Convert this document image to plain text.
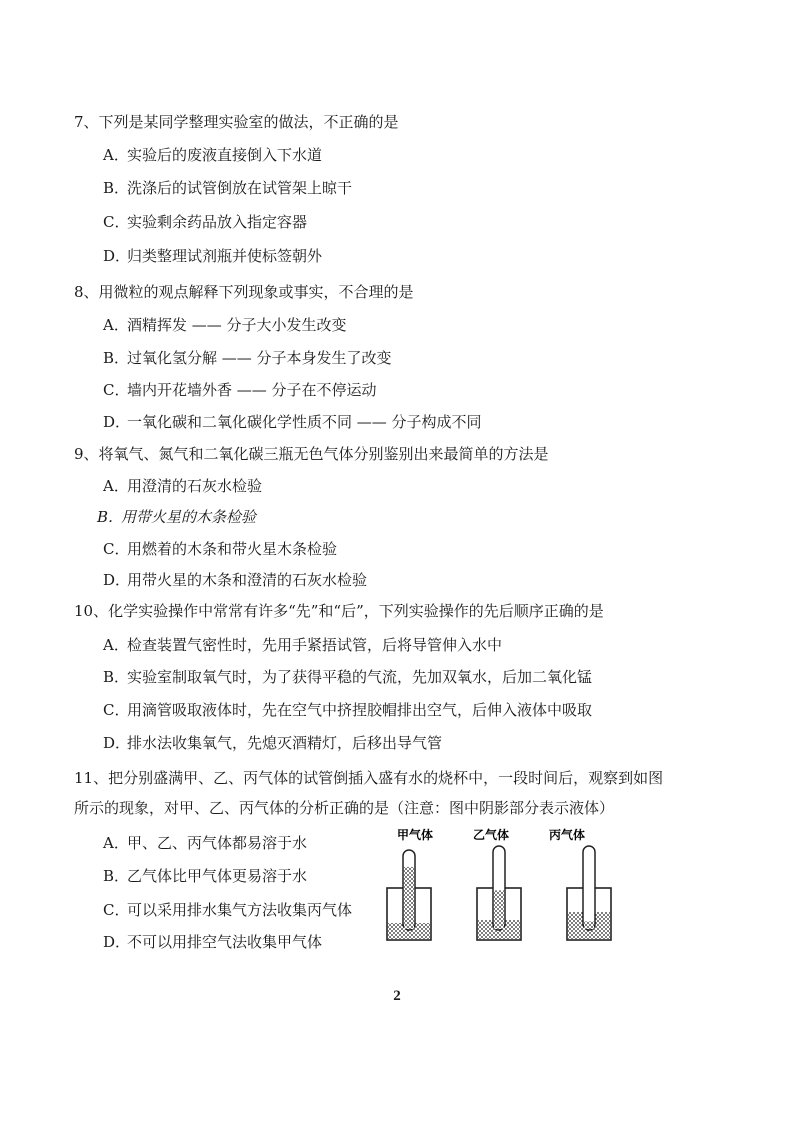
7、下列是某同学整理实验室的做法，不正确的是
A．实验后的废液直接倒入下水道
B．洗涤后的试管倒放在试管架上晾干
C．实验剩余药品放入指定容器
D．归类整理试剂瓶并使标签朝外
8、用微粒的观点解释下列现象或事实，不合理的是
A．酒精挥发 —— 分子大小发生改变
B．过氧化氢分解 —— 分子本身发生了改变
C．墙内开花墙外香 —— 分子在不停运动
D．一氧化碳和二氧化碳化学性质不同 —— 分子构成不同
9、将氧气、氮气和二氧化碳三瓶无色气体分别鉴别出来最简单的方法是
A．用澄清的石灰水检验
B．用带火星的木条检验
C．用燃着的木条和带火星木条检验
D．用带火星的木条和澄清的石灰水检验
10、化学实验操作中常常有许多“先”和“后”，下列实验操作的先后顺序正确的是
A．检查装置气密性时，先用手紧捂试管，后将导管伸入水中
B．实验室制取氧气时，为了获得平稳的气流，先加双氧水，后加二氧化锰
C．用滴管吸取液体时，先在空气中挤捏胶帽排出空气，后伸入液体中吸取
D．排水法收集氧气，先熄灭酒精灯，后移出导气管
11、把分别盛满甲、乙、丙气体的试管倒插入盛有水的烧杯中，一段时间后，观察到如图
所示的现象，对甲、乙、丙气体的分析正确的是（注意：图中阴影部分表示液体）
A．甲、乙、丙气体都易溶于水
B．乙气体比甲气体更易溶于水
C．可以采用排水集气方法收集丙气体
D．不可以用排空气法收集甲气体
甲气体	乙气体	丙气体
2
